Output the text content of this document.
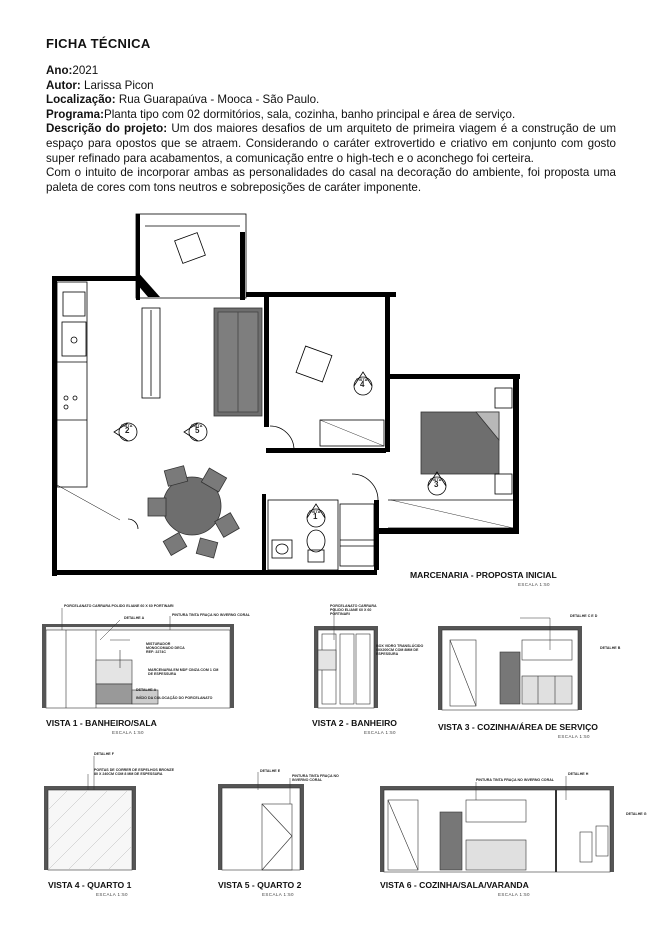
FICHA TÉCNICA
Ano:2021
Autor: Larissa Picon
Localização: Rua Guarapaúva - Mooca - São Paulo.
Programa:Planta tipo com 02 dormitórios, sala, cozinha, banho principal e área de serviço.
Descrição do projeto: Um dos maiores desafios de um arquiteto de primeira viagem é a construção de um espaço para opostos que se atraem. Considerando o caráter extrovertido e criativo em conjunto com gosto super refinado para acabamentos, a comunicação entre o high-tech e o aconchego foi certeira.
Com o intuito de incorporar ambas as personalidades do casal na decoração do ambiente, foi proposta uma paleta de cores com tons neutros e sobreposições de caráter imponente.
VISTA
4
VISTA
3
VISTA
1
VISTA
2
VISTA
5
MARCENARIA - PROPOSTA INICIAL
ESCALA 1:50
PORCELANATO CARRARA POLIDO ELIANE 60 X 60 PORTINARI
PINTURA TINTA FRAÇA NO INVERNO CORAL
DETALHE A
MISTURADOR MONOCOMADO DECA REF: 2274C
MARCENARIA EM MDF CINZA COM 1 CM DE ESPESSURA
DETALHE A
INÍCIO DA COLOCAÇÃO DO PORCELANATO
VISTA 1 - BANHEIRO/SALA
ESCALA 1:50
PORCELANATO CARRARA POLIDO ELIANE 60 X 60 PORTINARI
BOX VIDRO TRANSLÚCIDO 60X200CM COM 8MM DE ESPESSURA
VISTA 2 - BANHEIRO
ESCALA 1:50
DETALHE C E D
DETALHE B
VISTA 3 - COZINHA/ÁREA DE SERVIÇO
ESCALA 1:50
DETALHE F
PORTAS DE CORRER DE ESPELHOS BRONZE 80 X 240CM COM 8 MM DE ESPESSURA
VISTA 4 - QUARTO 1
ESCALA 1:50
DETALHE E
PINTURA TINTA FRAÇA NO INVERNO CORAL
VISTA 5 - QUARTO 2
ESCALA 1:50
PINTURA TINTA FRAÇA NO INVERNO CORAL
DETALHE H
DETALHE G
VISTA 6 - COZINHA/SALA/VARANDA
ESCALA 1:50
